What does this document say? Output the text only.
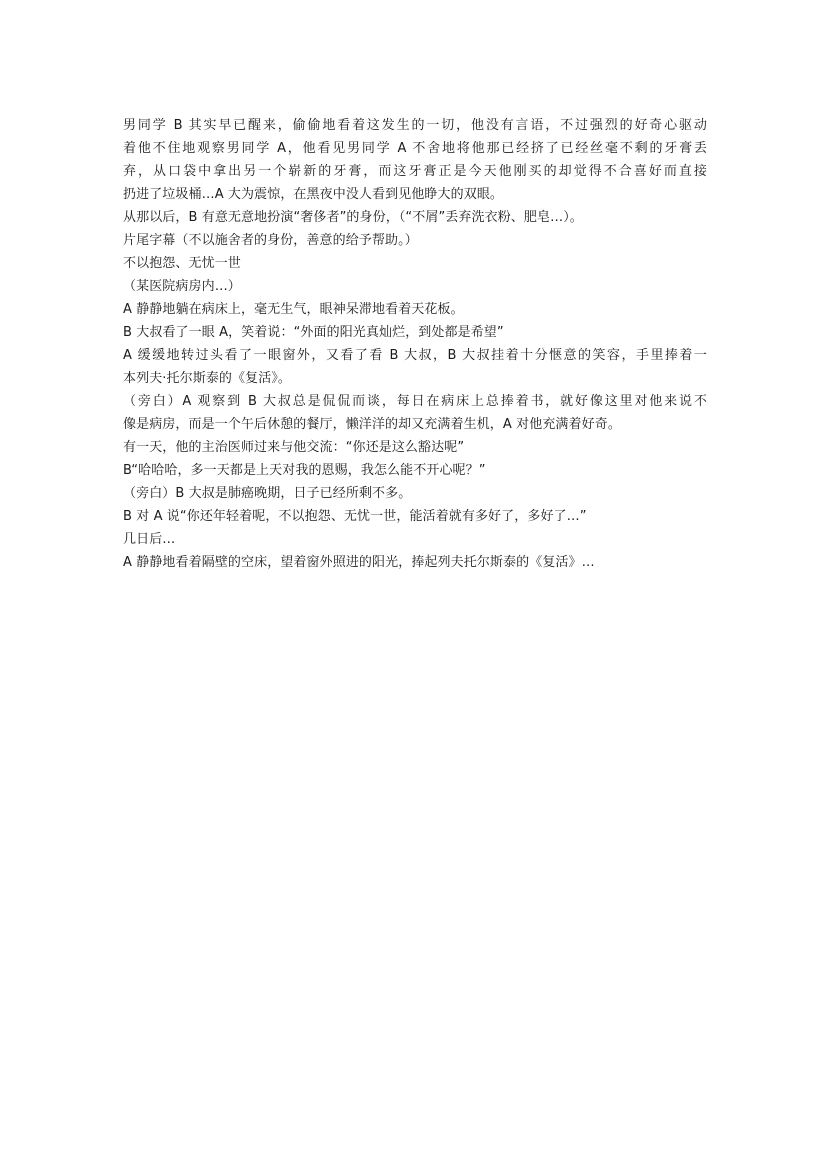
男同学 B 其实早已醒来，偷偷地看着这发生的一切，他没有言语，不过强烈的好奇心驱动
着他不住地观察男同学 A，他看见男同学 A 不舍地将他那已经挤了已经丝毫不剩的牙膏丢
弃，从口袋中拿出另一个崭新的牙膏，而这牙膏正是今天他刚买的却觉得不合喜好而直接
扔进了垃圾桶…A 大为震惊，在黑夜中没人看到见他睁大的双眼。
从那以后，B 有意无意地扮演“奢侈者”的身份，（“不屑”丢弃洗衣粉、肥皂…）。
片尾字幕（不以施舍者的身份，善意的给予帮助。）
不以抱怨、无忧一世
（某医院病房内…）
A 静静地躺在病床上，毫无生气，眼神呆滞地看着天花板。
B 大叔看了一眼 A，笑着说：“外面的阳光真灿烂，到处都是希望”
A 缓缓地转过头看了一眼窗外，又看了看 B 大叔，B 大叔挂着十分惬意的笑容，手里捧着一
本列夫·托尔斯泰的《复活》。
（旁白）A 观察到 B 大叔总是侃侃而谈，每日在病床上总捧着书，就好像这里对他来说不
像是病房，而是一个午后休憩的餐厅，懒洋洋的却又充满着生机，A 对他充满着好奇。
有一天，他的主治医师过来与他交流：“你还是这么豁达呢”
B“哈哈哈，多一天都是上天对我的恩赐，我怎么能不开心呢？”
（旁白）B 大叔是肺癌晚期，日子已经所剩不多。
B 对 A 说“你还年轻着呢，不以抱怨、无忧一世，能活着就有多好了，多好了…”
几日后…
A 静静地看着隔壁的空床，望着窗外照进的阳光，捧起列夫托尔斯泰的《复活》…
